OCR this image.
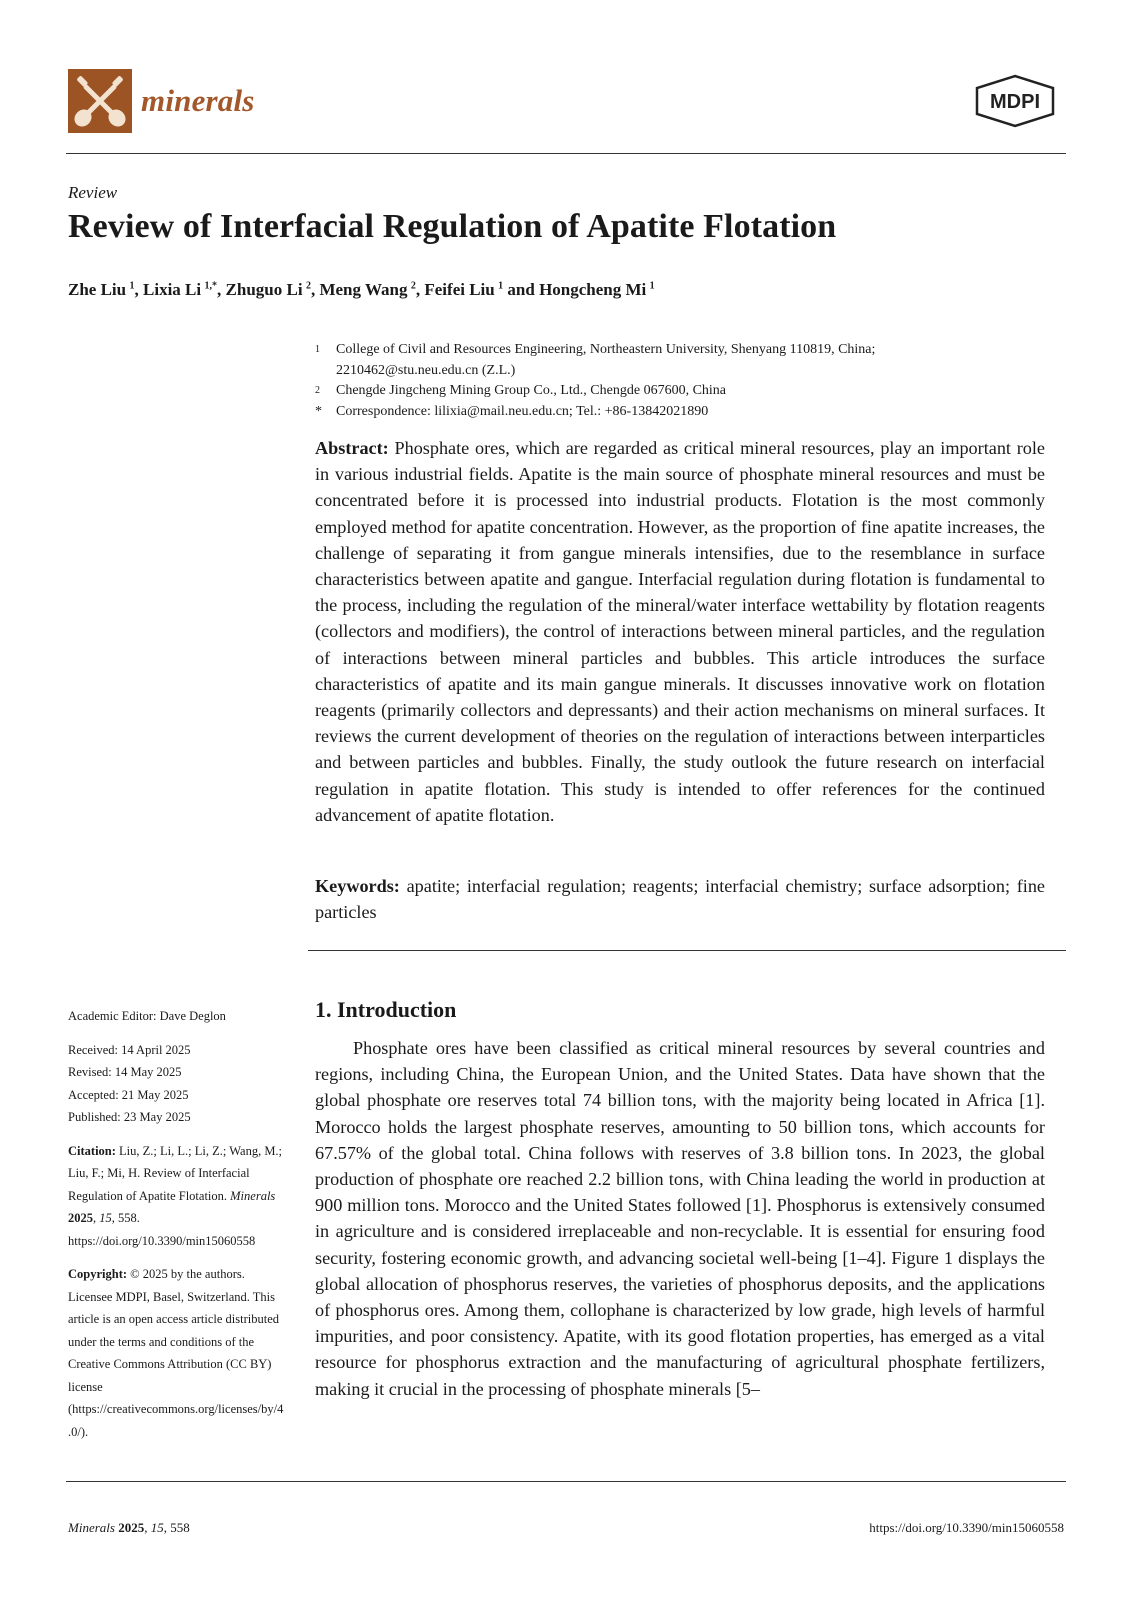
minerals	MDPI
Review
Review of Interfacial Regulation of Apatite Flotation
Zhe Liu  $^1$, Lixia Li  $^{1,*}$, Zhuguo Li  $^2$, Meng Wang  $^2$, Feifei Liu  $^1$ and Hongcheng Mi  $^1$
1	College of Civil and Resources Engineering, Northeastern University, Shenyang 110819, China;
2210462@stu.neu.edu.cn (Z.L.)
2	Chengde Jingcheng Mining Group Co., Ltd., Chengde 067600, China
*	Correspondence: lilixia@mail.neu.edu.cn; Tel.: +86-13842021890

Abstract: Phosphate ores, which are regarded as critical mineral resources, play an important role in various industrial fields. Apatite is the main source of phosphate mineral resources and must be concentrated before it is processed into industrial products. Flotation is the most commonly employed method for apatite concentration. However, as the proportion of fine apatite increases, the challenge of separating it from gangue minerals intensifies, due to the resemblance in surface characteristics between apatite and gangue. Interfacial regulation during flotation is fundamental to the process, including the regulation of the mineral/water interface wettability by flotation reagents (collectors and modifiers), the control of interactions between mineral particles, and the regulation of interactions between mineral particles and bubbles. This article introduces the surface characteristics of apatite and its main gangue minerals. It discusses innovative work on flotation reagents (primarily collectors and depressants) and their action mechanisms on mineral surfaces. It reviews the current development of theories on the regulation of interactions between interparticles and between particles and bubbles. Finally, the study outlook the future research on interfacial regulation in apatite flotation. This study is intended to offer references for the continued advancement of apatite flotation.

Keywords: apatite; interfacial regulation; reagents; interfacial chemistry; surface adsorption; fine particles

Academic Editor: Dave Deglon

Received: 14 April 2025

Revised: 14 May 2025

Accepted: 21 May 2025

Published: 23 May 2025

Citation: Liu, Z.; Li, L.; Li, Z.; Wang, M.; Liu, F.; Mi, H. Review of Interfacial Regulation of Apatite Flotation. Minerals 2025, 15, 558. https://doi.org/10.3390/min15060558

Copyright: © 2025 by the authors. Licensee MDPI, Basel, Switzerland. This article is an open access article distributed under the terms and conditions of the Creative Commons Attribution (CC BY) license (https://creativecommons.org/licenses/by/4.0/).

1. Introduction

Phosphate ores have been classified as critical mineral resources by several countries and regions, including China, the European Union, and the United States. Data have shown that the global phosphate ore reserves total 74 billion tons, with the majority being located in Africa [1]. Morocco holds the largest phosphate reserves, amounting to 50 billion tons, which accounts for 67.57% of the global total. China follows with reserves of 3.8 billion tons. In 2023, the global production of phosphate ore reached 2.2 billion tons, with China leading the world in production at 900 million tons. Morocco and the United States followed [1]. Phosphorus is extensively consumed in agriculture and is considered irreplaceable and non-recyclable. It is essential for ensuring food security, fostering economic growth, and advancing societal well-being [1–4]. Figure 1 displays the global allocation of phosphorus reserves, the varieties of phosphorus deposits, and the applications of phosphorus ores. Among them, collophane is characterized by low grade, high levels of harmful impurities, and poor consistency. Apatite, with its good flotation properties, has emerged as a vital resource for phosphorus extraction and the manufacturing of agricultural phosphate fertilizers, making it crucial in the processing of phosphate minerals [5–

Minerals 2025, 15, 558	https://doi.org/10.3390/min15060558
